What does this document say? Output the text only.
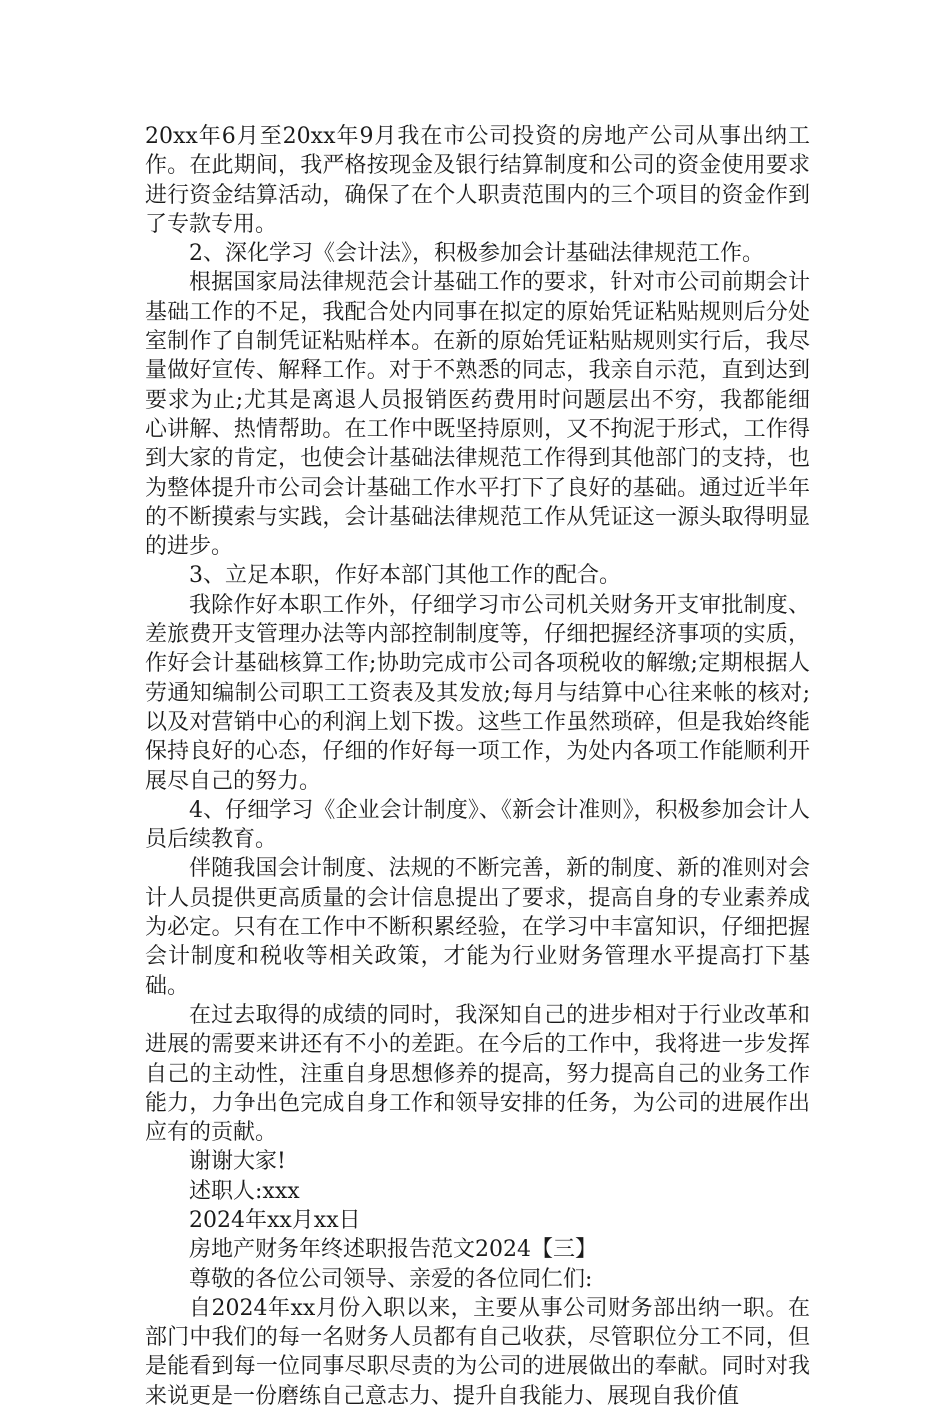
20xx年6月至20xx年9月我在市公司投资的房地产公司从事出纳工作。在此期间，我严格按现金及银行结算制度和公司的资金使用要求进行资金结算活动，确保了在个人职责范围内的三个项目的资金作到了专款专用。

2、深化学习《会计法》，积极参加会计基础法律规范工作。

根据国家局法律规范会计基础工作的要求，针对市公司前期会计基础工作的不足，我配合处内同事在拟定的原始凭证粘贴规则后分处室制作了自制凭证粘贴样本。在新的原始凭证粘贴规则实行后，我尽量做好宣传、解释工作。对于不熟悉的同志，我亲自示范，直到达到要求为止;尤其是离退人员报销医药费用时问题层出不穷，我都能细心讲解、热情帮助。在工作中既坚持原则，又不拘泥于形式，工作得到大家的肯定，也使会计基础法律规范工作得到其他部门的支持，也为整体提升市公司会计基础工作水平打下了良好的基础。通过近半年的不断摸索与实践，会计基础法律规范工作从凭证这一源头取得明显的进步。

3、立足本职，作好本部门其他工作的配合。

我除作好本职工作外，仔细学习市公司机关财务开支审批制度、差旅费开支管理办法等内部控制制度等，仔细把握经济事项的实质，作好会计基础核算工作;协助完成市公司各项税收的解缴;定期根据人劳通知编制公司职工工资表及其发放;每月与结算中心往来帐的核对;以及对营销中心的利润上划下拨。这些工作虽然琐碎，但是我始终能保持良好的心态，仔细的作好每一项工作，为处内各项工作能顺利开展尽自己的努力。

4、仔细学习《企业会计制度》、《新会计准则》，积极参加会计人员后续教育。

伴随我国会计制度、法规的不断完善，新的制度、新的准则对会计人员提供更高质量的会计信息提出了要求，提高自身的专业素养成为必定。只有在工作中不断积累经验，在学习中丰富知识，仔细把握会计制度和税收等相关政策，才能为行业财务管理水平提高打下基础。

在过去取得的成绩的同时，我深知自己的进步相对于行业改革和进展的需要来讲还有不小的差距。在今后的工作中，我将进一步发挥自己的主动性，注重自身思想修养的提高，努力提高自己的业务工作能力，力争出色完成自身工作和领导安排的任务，为公司的进展作出应有的贡献。

谢谢大家!

述职人:xxx

2024年xx月xx日

房地产财务年终述职报告范文2024【三】

尊敬的各位公司领导、亲爱的各位同仁们:

自2024年xx月份入职以来，主要从事公司财务部出纳一职。在部门中我们的每一名财务人员都有自己收获，尽管职位分工不同，但是能看到每一位同事尽职尽责的为公司的进展做出的奉献。同时对我来说更是一份磨练自己意志力、提升自我能力、展现自我价值
